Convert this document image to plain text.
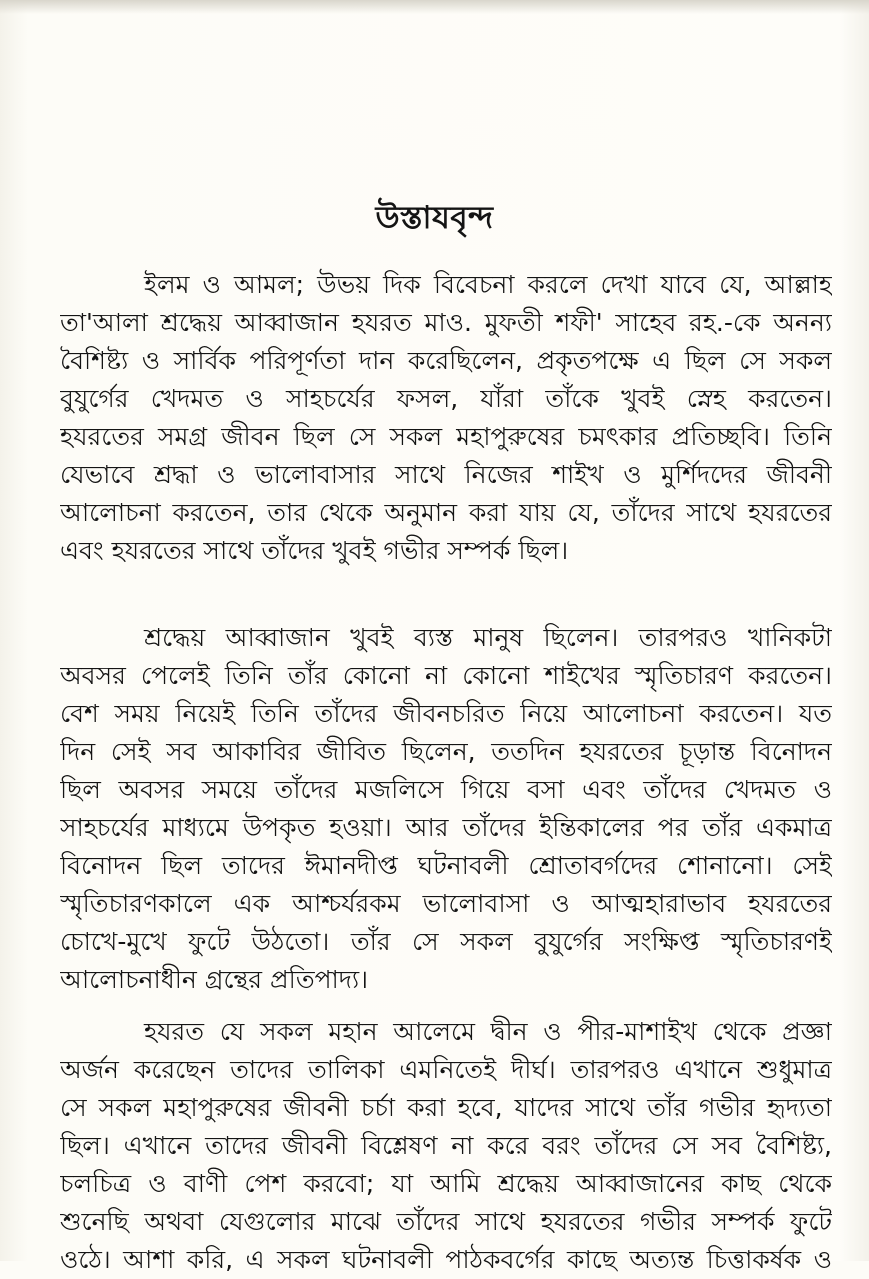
উস্তাযবৃন্দ
ইলম ও আমল; উভয় দিক বিবেচনা করলে দেখা যাবে যে, আল্লাহ
তা'আলা শ্রদ্ধেয় আব্বাজান হযরত মাও. মুফতী শফী' সাহেব রহ.-কে অনন্য
বৈশিষ্ট্য ও সার্বিক পরিপূর্ণতা দান করেছিলেন, প্রকৃতপক্ষে এ ছিল সে সকল
বুযুর্গের খেদমত ও সাহচর্যের ফসল, যাঁরা তাঁকে খুবই স্নেহ করতেন।
হযরতের সমগ্র জীবন ছিল সে সকল মহাপুরুষের চমৎকার প্রতিচ্ছবি। তিনি
যেভাবে শ্রদ্ধা ও ভালোবাসার সাথে নিজের শাইখ ও মুর্শিদদের জীবনী
আলোচনা করতেন, তার থেকে অনুমান করা যায় যে, তাঁদের সাথে হযরতের
এবং হযরতের সাথে তাঁদের খুবই গভীর সম্পর্ক ছিল।
শ্রদ্ধেয় আব্বাজান খুবই ব্যস্ত মানুষ ছিলেন। তারপরও খানিকটা
অবসর পেলেই তিনি তাঁর কোনো না কোনো শাইখের স্মৃতিচারণ করতেন।
বেশ সময় নিয়েই তিনি তাঁদের জীবনচরিত নিয়ে আলোচনা করতেন। যত
দিন সেই সব আকাবির জীবিত ছিলেন, ততদিন হযরতের চূড়ান্ত বিনোদন
ছিল অবসর সময়ে তাঁদের মজলিসে গিয়ে বসা এবং তাঁদের খেদমত ও
সাহচর্যের মাধ্যমে উপকৃত হওয়া। আর তাঁদের ইন্তিকালের পর তাঁর একমাত্র
বিনোদন ছিল তাদের ঈমানদীপ্ত ঘটনাবলী শ্রোতাবর্গদের শোনানো। সেই
স্মৃতিচারণকালে এক আশ্চর্যরকম ভালোবাসা ও আত্মহারাভাব হযরতের
চোখে-মুখে ফুটে উঠতো। তাঁর সে সকল বুযুর্গের সংক্ষিপ্ত স্মৃতিচারণই
আলোচনাধীন গ্রন্থের প্রতিপাদ্য।
হযরত যে সকল মহান আলেমে দ্বীন ও পীর-মাশাইখ থেকে প্রজ্ঞা
অর্জন করেছেন তাদের তালিকা এমনিতেই দীর্ঘ। তারপরও এখানে শুধুমাত্র
সে সকল মহাপুরুষের জীবনী চর্চা করা হবে, যাদের সাথে তাঁর গভীর হৃদ্যতা
ছিল। এখানে তাদের জীবনী বিশ্লেষণ না করে বরং তাঁদের সে সব বৈশিষ্ট্য,
চলচিত্র ও বাণী পেশ করবো; যা আমি শ্রদ্ধেয় আব্বাজানের কাছ থেকে
শুনেছি অথবা যেগুলোর মাঝে তাঁদের সাথে হযরতের গভীর সম্পর্ক ফুটে
ওঠে। আশা করি, এ সকল ঘটনাবলী পাঠকবর্গের কাছে অত্যন্ত চিত্তাকর্ষক ও
